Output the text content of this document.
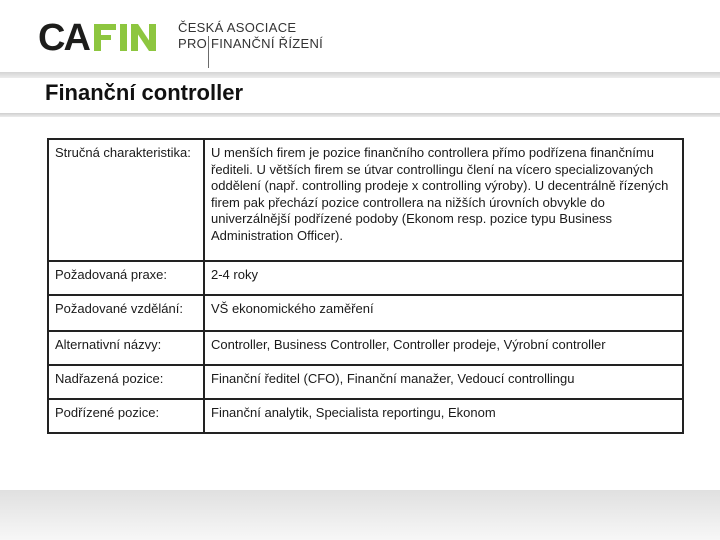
CA	ČESKÁ ASOCIACE
PRO FINANČNÍ ŘÍZENÍ
Finanční controller
Stručná charakteristika:	U menších firem je pozice finančního controllera přímo podřízena finančnímu řediteli. U větších firem se útvar controllingu člení na vícero specializovaných oddělení (např. controlling prodeje x controlling výroby). U decentrálně řízených firem pak přechází pozice controllera na nižších úrovních obvykle do univerzálnější podřízené podoby (Ekonom resp. pozice typu Business Administration Officer).
Požadovaná praxe:	2-4 roky
Požadované vzdělání:	VŠ ekonomického zaměření
Alternativní názvy:	Controller, Business Controller, Controller prodeje, Výrobní controller
Nadřazená pozice:	Finanční ředitel (CFO), Finanční manažer, Vedoucí controllingu
Podřízené pozice:	Finanční analytik, Specialista reportingu, Ekonom
